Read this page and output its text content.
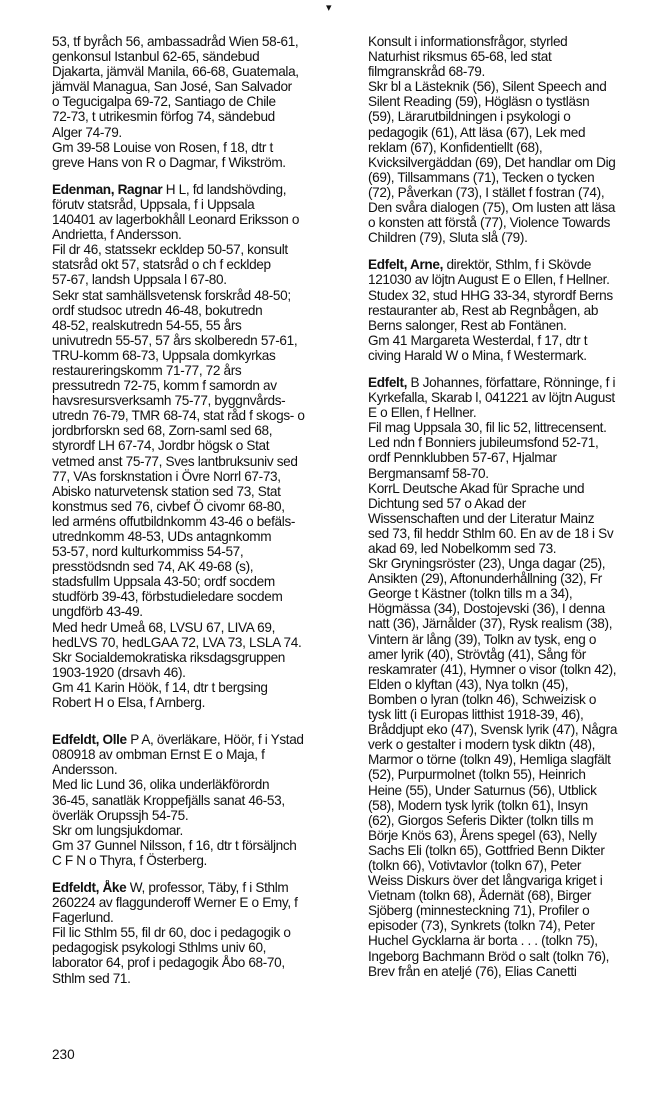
▾
53, tf byråch 56, ambassadråd Wien 58-61,
genkonsul Istanbul 62-65, sändebud
Djakarta, jämväl Manila, 66-68, Guatemala,
jämväl Managua, San José, San Salvador
o Tegucigalpa 69-72, Santiago de Chile
72-73, t utrikesmin förfog 74, sändebud
Alger 74-79.
Gm 39-58 Louise von Rosen, f 18, dtr t
greve Hans von R o Dagmar, f Wikström.
Edenman, Ragnar H L, fd landshövding,
förutv statsråd, Uppsala, f i Uppsala
140401 av lagerbokhåll Leonard Eriksson o
Andrietta, f Andersson.
Fil dr 46, statssekr eckldep 50-57, konsult
statsråd okt 57, statsråd o ch f eckldep
57-67, landsh Uppsala l 67-80.
Sekr stat samhällsvetensk forskråd 48-50;
ordf studsoc utredn 46-48, bokutredn
48-52, realskutredn 54-55, 55 års
univutredn 55-57, 57 års skolberedn 57-61,
TRU-komm 68-73, Uppsala domkyrkas
restaureringskomm 71-77, 72 års
pressutredn 72-75, komm f samordn av
havsresursverksamh 75-77, byggnvårds-
utredn 76-79, TMR 68-74, stat råd f skogs- o
jordbrforskn sed 68, Zorn-saml sed 68,
styrordf LH 67-74, Jordbr högsk o Stat
vetmed anst 75-77, Sves lantbruksuniv sed
77, VAs forsknstation i Övre Norrl 67-73,
Abisko naturvetensk station sed 73, Stat
konstmus sed 76, civbef Ö civomr 68-80,
led arméns offutbildnkomm 43-46 o befäls-
utrednkomm 48-53, UDs antagnkomm
53-57, nord kulturkommiss 54-57,
presstödsndn sed 74, AK 49-68 (s),
stadsfullm Uppsala 43-50; ordf socdem
studförb 39-43, förbstudieledare socdem
ungdförb 43-49.
Med hedr Umeå 68, LVSU 67, LIVA 69,
hedLVS 70, hedLGAA 72, LVA 73, LSLA 74.
Skr Socialdemokratiska riksdagsgruppen
1903-1920 (drsavh 46).
Gm 41 Karin Höök, f 14, dtr t bergsing
Robert H o Elsa, f Arnberg.
Edfeldt, Olle P A, överläkare, Höör, f i Ystad
080918 av ombman Ernst E o Maja, f
Andersson.
Med lic Lund 36, olika underläkförordn
36-45, sanatläk Kroppefjälls sanat 46-53,
överläk Orupssjh 54-75.
Skr om lungsjukdomar.
Gm 37 Gunnel Nilsson, f 16, dtr t försäljnch
C F N o Thyra, f Österberg.
Edfeldt, Åke W, professor, Täby, f i Sthlm
260224 av flaggunderoff Werner E o Emy, f
Fagerlund.
Fil lic Sthlm 55, fil dr 60, doc i pedagogik o
pedagogisk psykologi Sthlms univ 60,
laborator 64, prof i pedagogik Åbo 68-70,
Sthlm sed 71.
Konsult i informationsfrågor, styrled
Naturhist riksmus 65-68, led stat
filmgranskråd 68-79.
Skr bl a Lästeknik (56), Silent Speech and
Silent Reading (59), Högläsn o tystläsn
(59), Lärarutbildningen i psykologi o
pedagogik (61), Att läsa (67), Lek med
reklam (67), Konfidentiellt (68),
Kvicksilvergäddan (69), Det handlar om Dig
(69), Tillsammans (71), Tecken o tycken
(72), Påverkan (73), I stället f fostran (74),
Den svåra dialogen (75), Om lusten att läsa
o konsten att förstå (77), Violence Towards
Children (79), Sluta slå (79).
Edfelt, Arne, direktör, Sthlm, f i Skövde
121030 av löjtn August E o Ellen, f Hellner.
Studex 32, stud HHG 33-34, styrordf Berns
restauranter ab, Rest ab Regnbågen, ab
Berns salonger, Rest ab Fontänen.
Gm 41 Margareta Westerdal, f 17, dtr t
civing Harald W o Mina, f Westermark.
Edfelt, B Johannes, författare, Rönninge, f i
Kyrkefalla, Skarab l, 041221 av löjtn August
E o Ellen, f Hellner.
Fil mag Uppsala 30, fil lic 52, littrecensent.
Led ndn f Bonniers jubileumsfond 52-71,
ordf Pennklubben 57-67, Hjalmar
Bergmansamf 58-70.
KorrL Deutsche Akad für Sprache und
Dichtung sed 57 o Akad der
Wissenschaften und der Literatur Mainz
sed 73, fil heddr Sthlm 60. En av de 18 i Sv
akad 69, led Nobelkomm sed 73.
Skr Gryningsröster (23), Unga dagar (25),
Ansikten (29), Aftonunderhållning (32), Fr
George t Kästner (tolkn tills m a 34),
Högmässa (34), Dostojevski (36), I denna
natt (36), Järnålder (37), Rysk realism (38),
Vintern är lång (39), Tolkn av tysk, eng o
amer lyrik (40), Strövtåg (41), Sång för
reskamrater (41), Hymner o visor (tolkn 42),
Elden o klyftan (43), Nya tolkn (45),
Bomben o lyran (tolkn 46), Schweizisk o
tysk litt (i Europas litthist 1918-39, 46),
Bråddjupt eko (47), Svensk lyrik (47), Några
verk o gestalter i modern tysk diktn (48),
Marmor o törne (tolkn 49), Hemliga slagfält
(52), Purpurmolnet (tolkn 55), Heinrich
Heine (55), Under Saturnus (56), Utblick
(58), Modern tysk lyrik (tolkn 61), Insyn
(62), Giorgos Seferis Dikter (tolkn tills m
Börje Knös 63), Årens spegel (63), Nelly
Sachs Eli (tolkn 65), Gottfried Benn Dikter
(tolkn 66), Votivtavlor (tolkn 67), Peter
Weiss Diskurs över det långvariga kriget i
Vietnam (tolkn 68), Ådernät (68), Birger
Sjöberg (minnesteckning 71), Profiler o
episoder (73), Synkrets (tolkn 74), Peter
Huchel Gycklarna är borta . . . (tolkn 75),
Ingeborg Bachmann Bröd o salt (tolkn 76),
Brev från en ateljé (76), Elias Canetti
230
